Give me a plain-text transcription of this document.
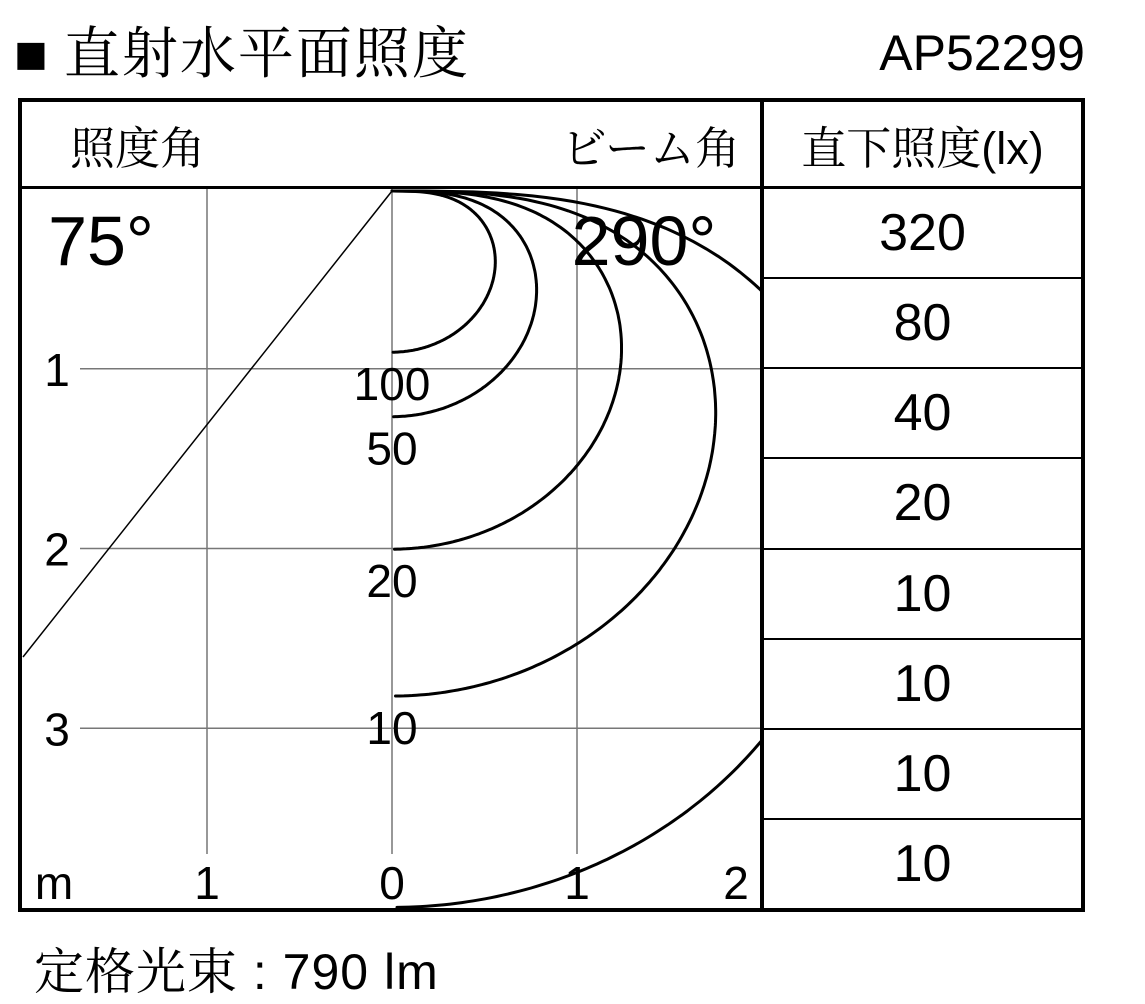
■ 直射水平面照度	AP52299
照度角	ビーム角 直下照度(lx)
100
50
20
10
75°	290°
1
2
3
m	1	0	1	2
320
80
40
20
10
10
10
10
定格光束 : 790 lm
